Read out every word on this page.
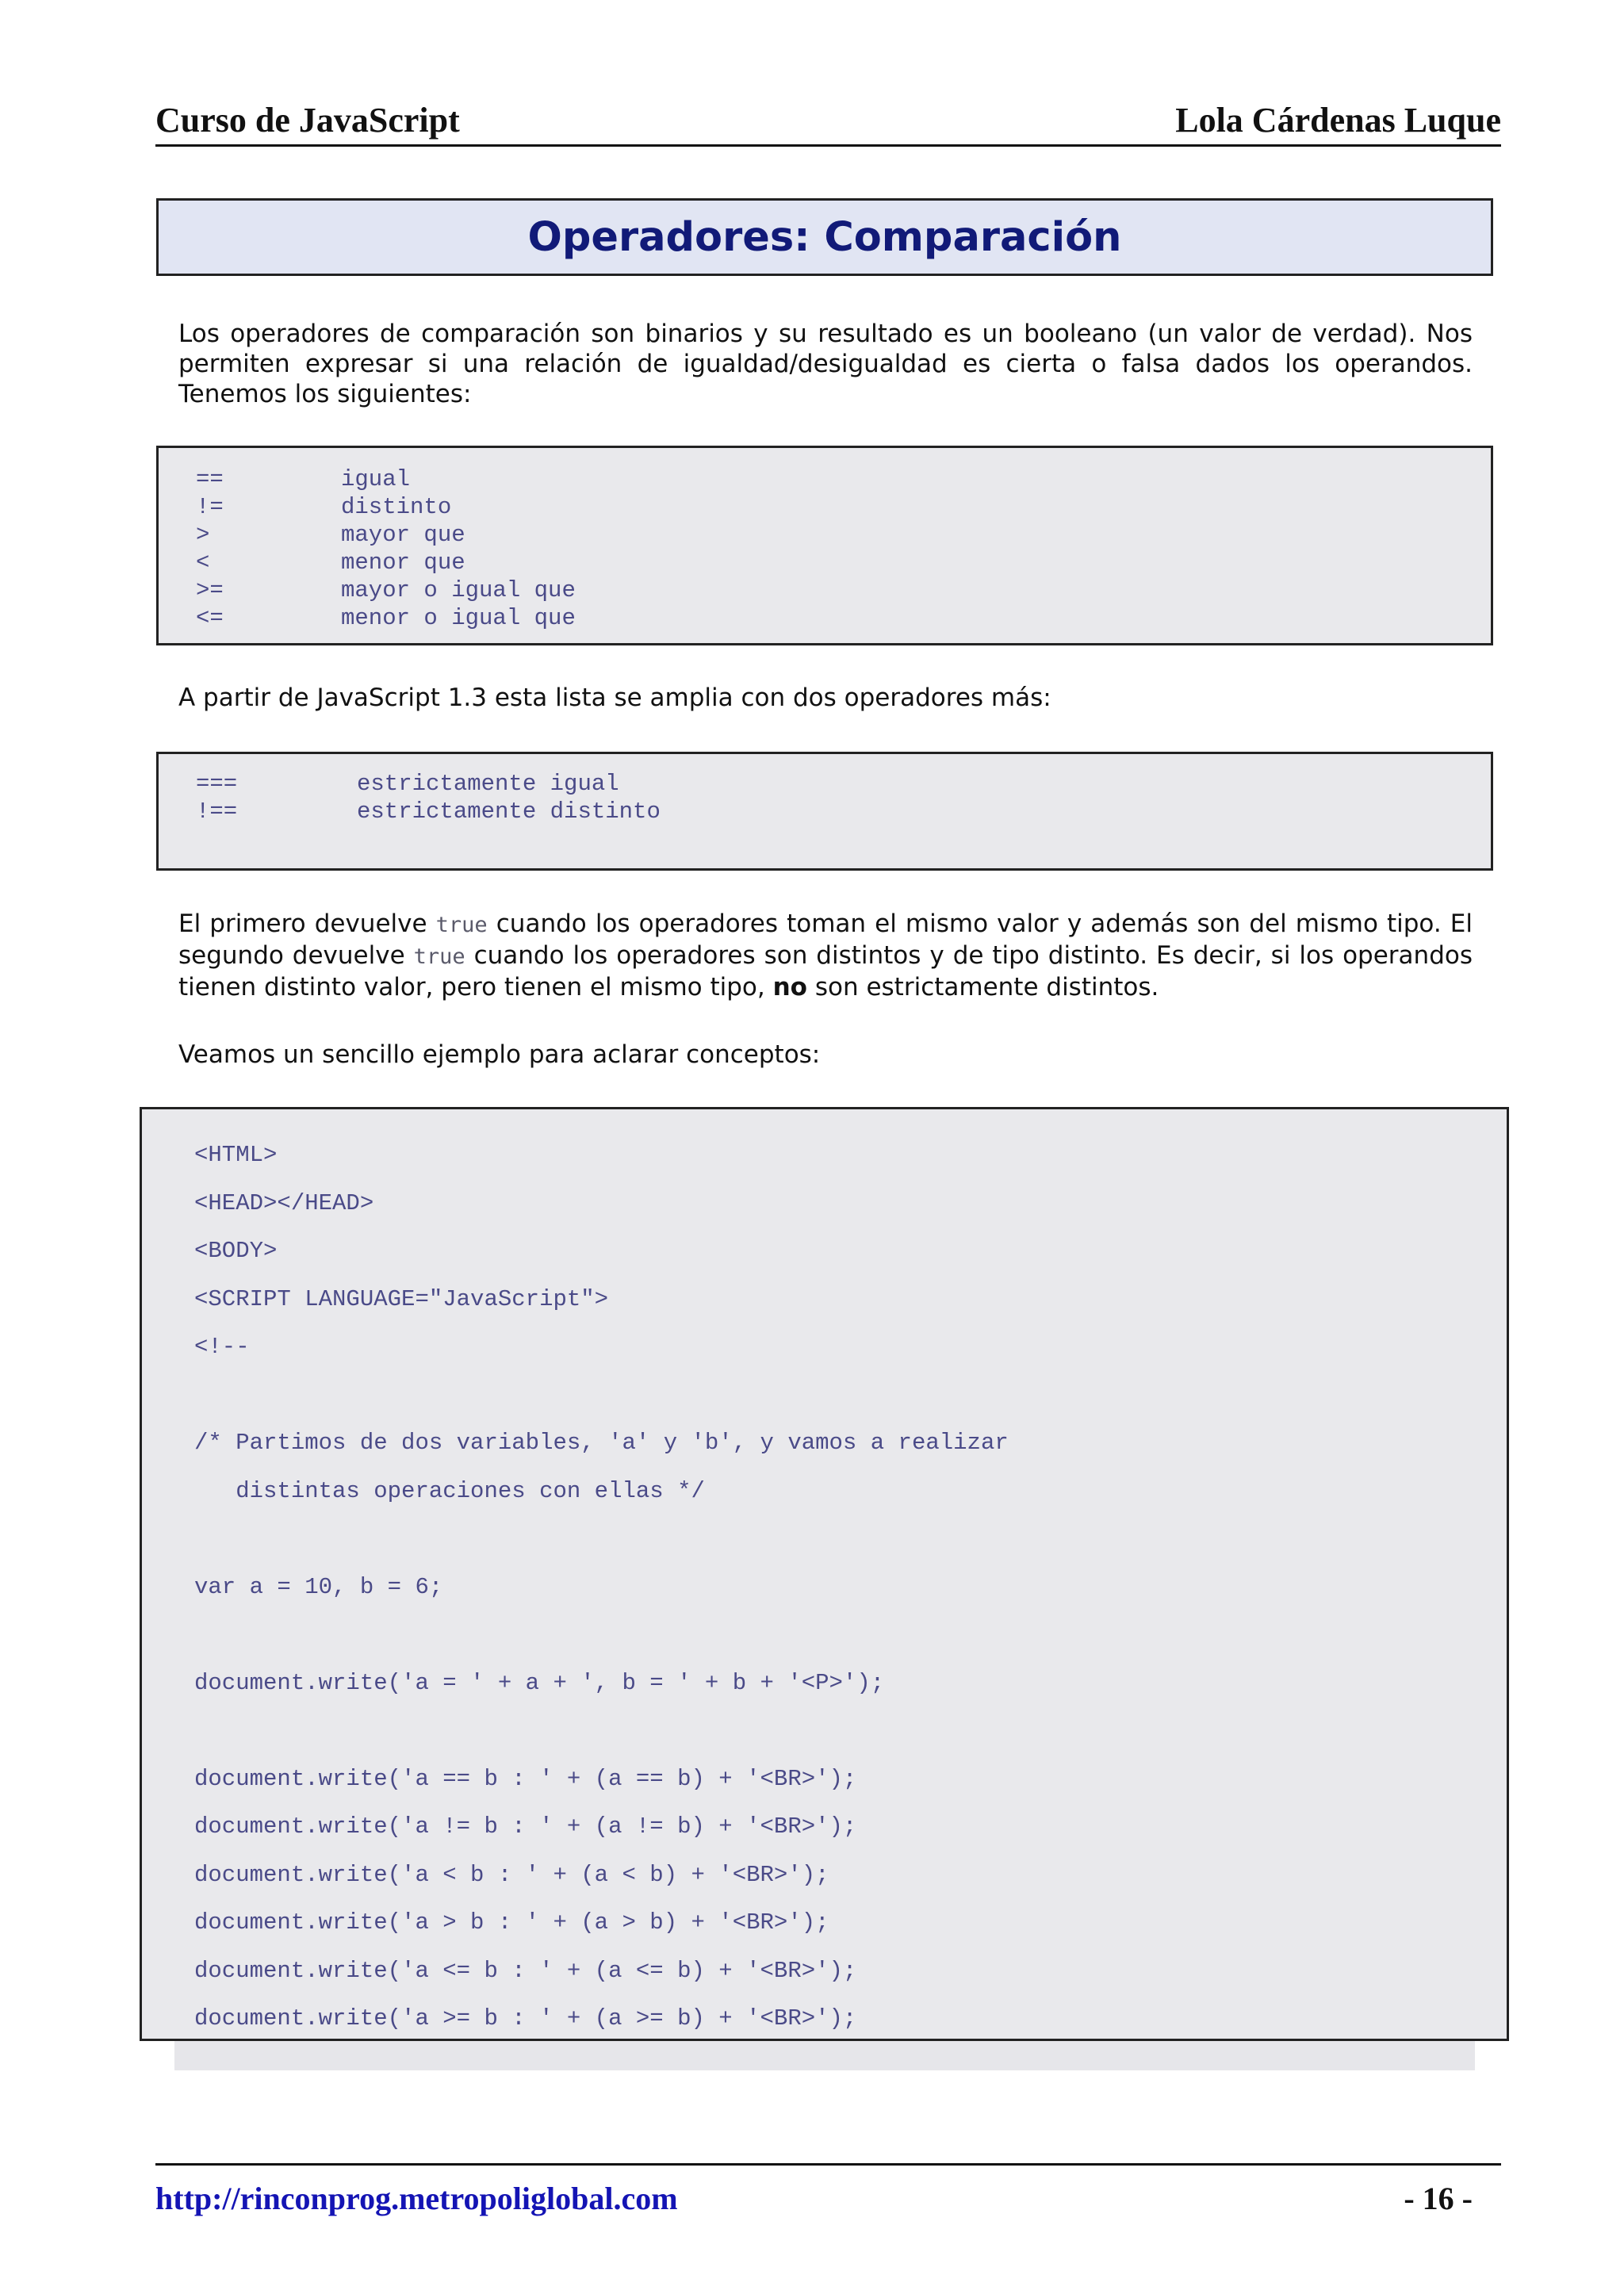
Curso de JavaScript	Lola Cárdenas Luque
Operadores: Comparación
Los operadores de comparación son binarios y su resultado es un booleano (un valor de verdad). Nos permiten expresar si una relación de igualdad/desigualdad es cierta o falsa dados los operandos. Tenemos los siguientes:
==	igual
!=	distinto
>	mayor que
<	menor que
>=	mayor o igual que
<=	menor o igual que
A partir de JavaScript 1.3 esta lista se amplia con dos operadores más:
===	estrictamente igual
!==	estrictamente distinto
El primero devuelve true cuando los operadores toman el mismo valor y además son del mismo tipo. El segundo devuelve true cuando los operadores son distintos y de tipo distinto. Es decir, si los operandos tienen distinto valor, pero tienen el mismo tipo, no son estrictamente distintos.
Veamos un sencillo ejemplo para aclarar conceptos:
<HTML>
<HEAD></HEAD>
<BODY>
<SCRIPT LANGUAGE="JavaScript">
<!--
/* Partimos de dos variables, 'a' y 'b', y vamos a realizar
distintas operaciones con ellas */
var a = 10, b = 6;
document.write('a = ' + a + ', b = ' + b + '<P>');
document.write('a == b : ' + (a == b) + '<BR>');
document.write('a != b : ' + (a != b) + '<BR>');
document.write('a < b : ' + (a < b) + '<BR>');
document.write('a > b : ' + (a > b) + '<BR>');
document.write('a <= b : ' + (a <= b) + '<BR>');
document.write('a >= b : ' + (a >= b) + '<BR>');
http://rinconprog.metropoliglobal.com	- 16 -
